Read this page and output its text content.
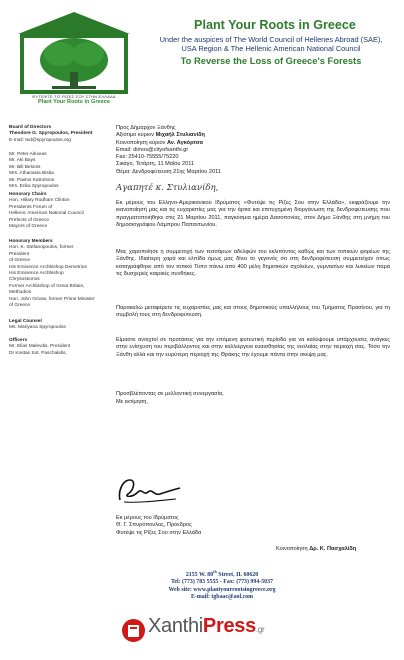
ΦΥΤΕΨΤΕ ΤΙΣ ΡΙΖΕΣ ΣΟΥ ΣΤΗΝ ΕΛΛΑΔΑ
Plant Your Roots in Greece
Plant Your Roots in Greece
Under the auspices of The World Council of Hellenes Abroad (SAE),
USA Region & The Hellenic American National Council
To Reverse the Loss of Greece's Forests
Board of Directors
Theodore G. Spyropoulos, President
E-mail: ted@spyropoulos.org
Mr. Peter Alexeas
Mr. Aki Bays
Mr. Bill Belonis
Mrs. Athanasia Biska
Mr. Pavlos Katrotsios
Mrs. Erika Spyropoulos
Honorary Chairs
Hon. Hillary Rodham Clinton
Presidents Forum of
Hellenic American National Council
Prefects of Greece
Mayors of Greece
Honorary Members
Hon. K. Stefanopoulos, former President
of Greece
His Eminence Archbishop Demetrios
His Eminence Archbishop
Chrysostomos
Former Archbishop of Great Britain,
Methodios
Hon. John Grivas, former Prime Minister
of Greece
Legal Counsel
Ms. Mariyana Spyropoulos
Officers
Mr. Elias Malevitis, President
Dr Kostas Sot. Paschalidis,
Προς Δήμαρχον Ξάνθης
Αξιότιμο κύριον Μιχαήλ Στυλιανίδη
Κοινοποίηση κύριον Αν. Αγκόρτσα
Email: dimos@cityofxanthi.gr
Fax: 25410-75555/75220
Σικάγο, Τετάρτη, 11 Μαΐου 2011
Θέμα: Δενδροφύτευση 21ης Μαρτίου 2011
Αγαπητέ κ. Στυλιανίδη,
Εκ μέρους του Ελληνο-Αμερικανικού Ιδρύματος «Φυτέψε τις Ρίζες Σου στην Ελλάδα», εκφράζουμε την ικανοποίησή μας και τις ευχαριστίες μας για την άρτια και επιτυχημένη διοργάνωση της δενδροφύτευσης που πραγματοποιήθηκε στις 21 Μαρτίου 2011, παγκόσμια ημέρα Δασοπονίας, στον Δήμο Ξάνθης στη μνήμη του δημοσιογράφου Λάμπρου Παπαντωνίου.
Μας χαροποίησε η συμμετοχή των τεσσάρων αδελφών του εκλιπόντος καθώς και των τοπικών φορέων της Ξάνθης. Ιδιαίτερη χαρά και ελπίδα όμως μας δίνει το γεγονός ότι στη δενδροφύτευση συμμετείχαν όπως καταγράφθηκε από τον τοπικό Τύπο πάνω από 400 μέλη δημοτικών σχολείων, γυμνασίων και λυκείων παρά τις δυσχερείς καιρικές συνθήκες.
Παρακαλώ μεταφέρετε τις ευχαριστίες μας και στους δημοτικούς υπαλλήλους του Τμήματος Πρασίνου, για τη συμβολή τους στη δενδροφύτευση.
Είμαστε ανοιχτοί σε προτάσεις για την επόμενη φυτευτική περίοδο για να καλύψουμε υπάρχουσες ανάγκες στην ενίσχυση του περιβάλλοντος και στην καλλιέργεια ευαισθησίας της νεολαίας στην περιοχή σας. Τόσο την Ξάνθη αλλά και την ευρύτερη περιοχή της Θράκης την έχουμε πάντα στην σκέψη μας.
Προσβλέποντας σε μελλοντική συνεργασία,
Με εκτίμηση,
Εκ μέρους του Ιδρύματος
Θ. Γ. Σπυρόπουλος, Πρόεδρος
Φυτέψε τις Ρίζες Σου στην Ελλάδα
Κοινοποίηση Δρ. Κ. Πασχαλίδη
2155 W. 80th Street, IL 60620
Tel: (773) 783 5555 - Fax: (773) 994-5037
Web site: www.plantyourrootsingreece.org
E-mail: tgbaac@aol.com
XanthiPress.gr
